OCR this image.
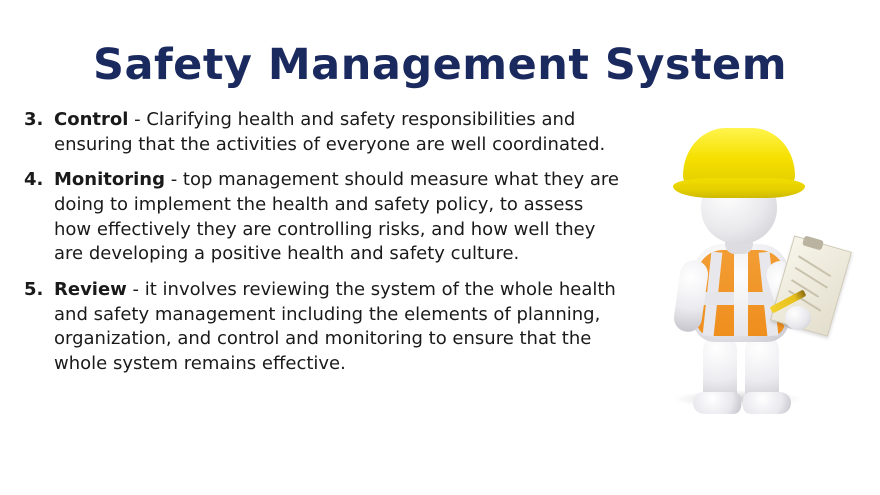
Safety Management System
3. Control - Clarifying health and safety responsibilities and ensuring that the activities of everyone are well coordinated.
4. Monitoring - top management should measure what they are doing to implement the health and safety policy, to assess how effectively they are controlling risks, and how well they are developing a positive health and safety culture.
5. Review - it involves reviewing the system of the whole health and safety management including the elements of planning, organization, and control and monitoring to ensure that the whole system remains effective.
